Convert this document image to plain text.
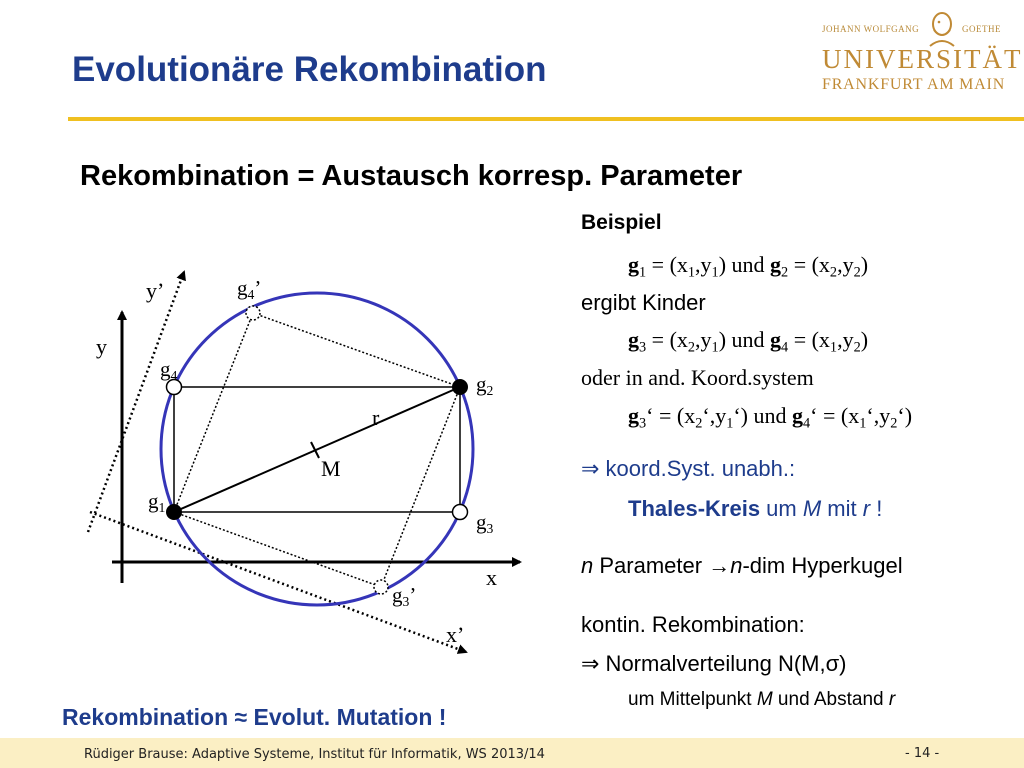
Evolutionäre Rekombination
JOHANN WOLFGANG	GOETHE
UNIVERSITÄT
FRANKFURT AM MAIN
Rekombination = Austausch korresp. Parameter
y
x
y’
x’
M
r
$g_1$
$g_2$
$g_3$
$g_4$
$g_3$’
$g_4$’
Beispiel
$g_1 = (x_1,y_1)$ und $g_2 = (x_2,y_2)$
ergibt Kinder
$g_3 = (x_2,y_1)$ und $g_4 = (x_1,y_2)$
oder in and. Koord.system
$g_3‘$ = $(x_2‘,y_1‘)$ und $g_4‘$ = $(x_1‘,y_2‘)$
⇒ koord.Syst. unabh.:
Thales-Kreis um M mit r !
n Parameter →n-dim Hyperkugel
kontin. Rekombination:
⇒ Normalverteilung N(M,σ)
um Mittelpunkt M und Abstand r
Rekombination ≈ Evolut. Mutation !
Rüdiger Brause: Adaptive Systeme, Institut für Informatik, WS 2013/14	- 14 -
